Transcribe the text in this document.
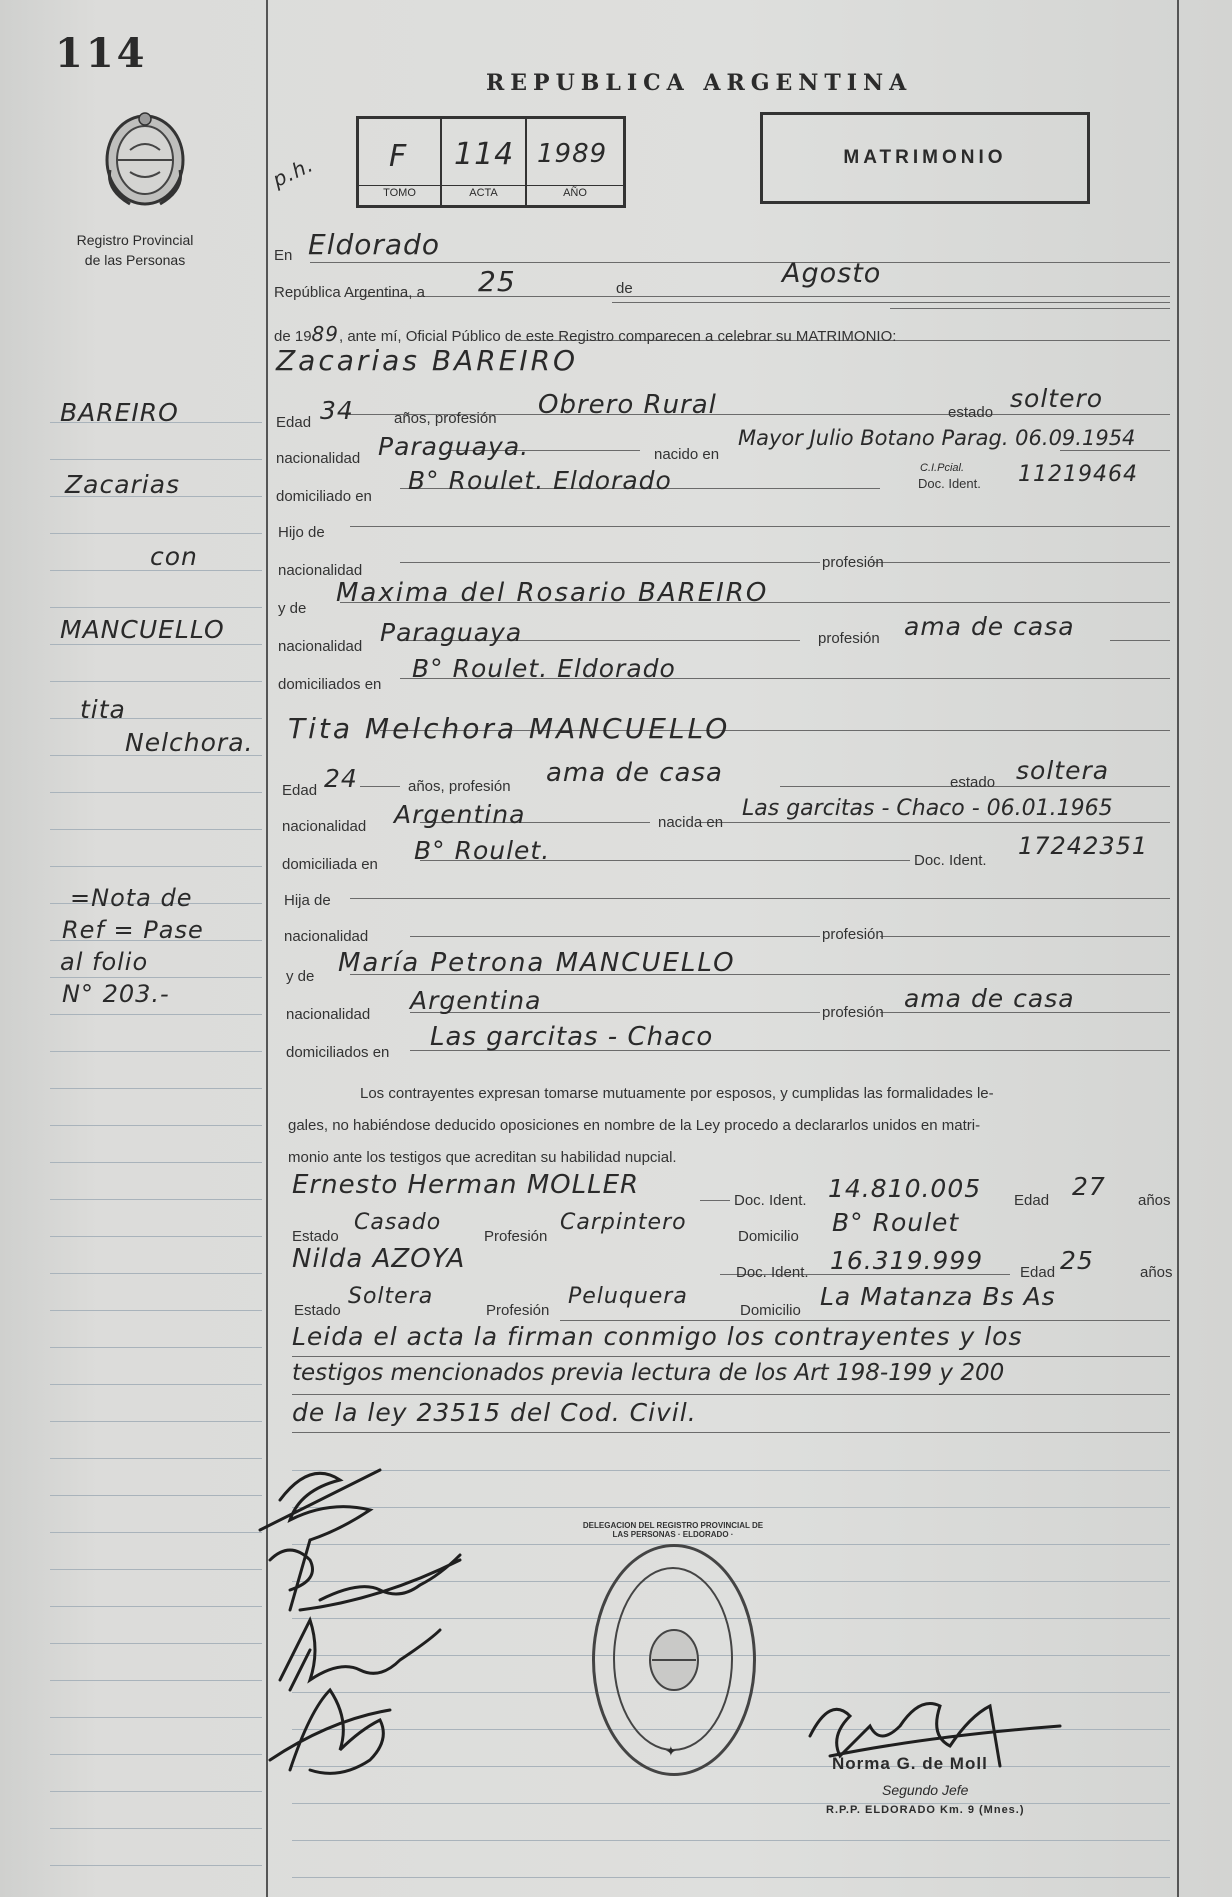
114
Registro Provincial
de las Personas
BAREIRO
Zacarias
con
MANCUELLO
tita
Nelchora.
=Nota de
Ref = Pase
al folio
N° 203.-
REPUBLICA ARGENTINA
p.h. F 114 1989
TOMO	ACTA	AÑO
MATRIMONIO
En Eldorado
República Argentina, a 25	de	Agosto
de 1989, ante mí, Oficial Público de este Registro comparecen a celebrar su MATRIMONIO:
Zacarias BAREIRO
Edad 34	años, profesión Obrero Rural	estado soltero
nacionalidad Paraguaya.	nacido en
Mayor Julio Botano Parag. 06.09.1954
domiciliado en
B° Roulet. Eldorado	C.I.Pcial.
Doc. Ident. 11219464
Hijo de
nacionalidad	profesión
y de
Maxima del Rosario BAREIRO
nacionalidad Paraguaya	profesión ama de casa
domiciliados en
B° Roulet. Eldorado
Tita Melchora MANCUELLO
Edad 24	años, profesión ama de casa	estado soltera
nacionalidad Argentina	nacida en
Las garcitas - Chaco - 06.01.1965
domiciliada en B° Roulet.	Doc. Ident.
17242351
Hija de
nacionalidad	profesión
y de María Petrona MANCUELLO
nacionalidad Argentina	profesión ama de casa
domiciliados en
Las garcitas - Chaco
Los contrayentes expresan tomarse mutuamente por esposos, y cumplidas las formalidades le-
gales, no habiéndose deducido oposiciones en nombre de la Ley procedo a declararlos unidos en matri-
monio ante los testigos que acreditan su habilidad nupcial.
Ernesto Herman MOLLER
Doc. Ident. 14.810.005 Edad 27 años
Estado
Casado
Profesión
Carpintero
Domicilio B° Roulet
Nilda AZOYA	Doc. Ident. 16.319.999 Edad 25	años
Estado
Soltera
Profesión
Peluquera
Domicilio La Matanza Bs As
Leida el acta la firman conmigo los contrayentes y los
testigos mencionados previa lectura de los Art 198-199 y 200
de la ley 23515 del Cod. Civil.
DELEGACION DEL REGISTRO PROVINCIAL DE LAS PERSONAS · ELDORADO ·
✦
Norma G. de Moll
Segundo Jefe
R.P.P. ELDORADO Km. 9 (Mnes.)
